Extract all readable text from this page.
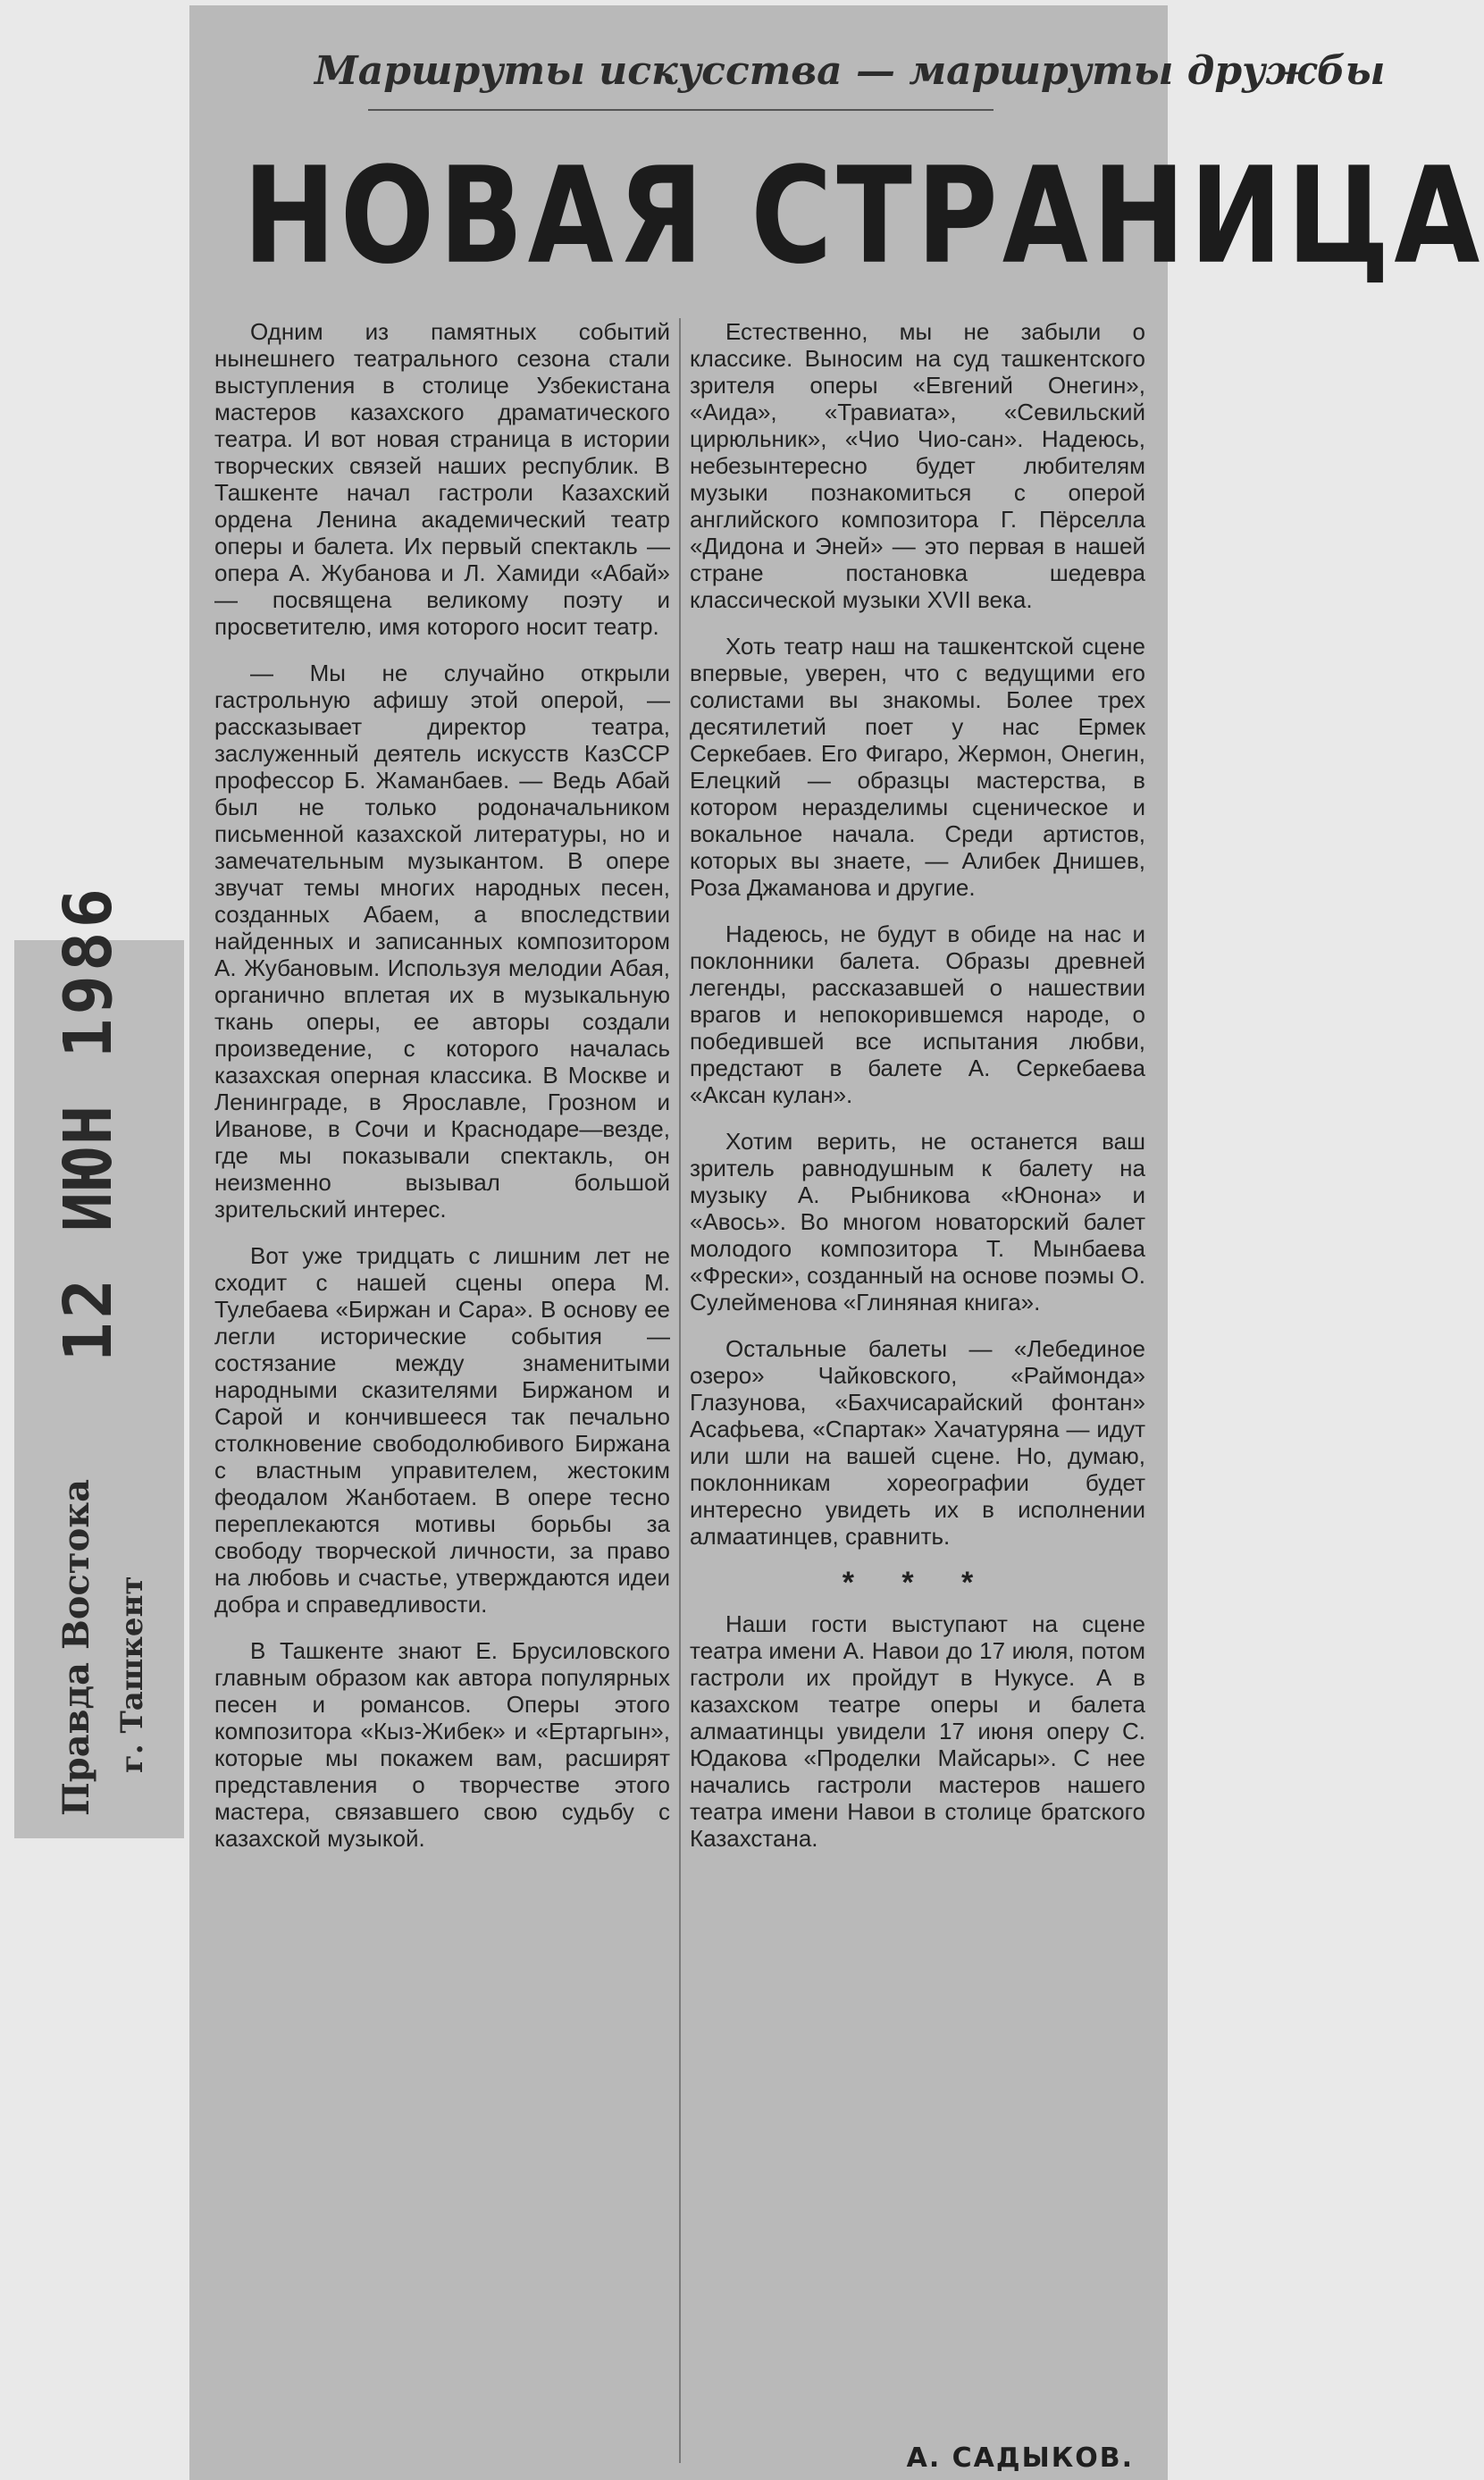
Правда Востока г. Ташкент
12 ИЮН 1986
Маршруты искусства — маршруты дружбы
НОВАЯ СТРАНИЦА

Одним из памятных событий нынешнего театрального сезона стали выступления в столице Узбекистана мастеров казахского драматического театра. И вот новая страница в истории творческих связей наших республик. В Ташкенте начал гастроли Казахский ордена Ленина академический театр оперы и балета. Их первый спектакль — опера А. Жубанова и Л. Хамиди «Абай» — посвящена великому поэту и просветителю, имя которого носит театр.

— Мы не случайно открыли гастрольную афишу этой оперой, — рассказывает директор театра, заслуженный деятель искусств КазССР профессор Б. Жаманбаев. — Ведь Абай был не только родоначальником письменной казахской литературы, но и замечательным музыкантом. В опере звучат темы многих народных песен, созданных Абаем, а впоследствии найденных и записанных композитором А. Жубановым. Используя мелодии Абая, органично вплетая их в музыкальную ткань оперы, ее авторы создали произведение, с которого началась казахская оперная классика. В Москве и Ленинграде, в Ярославле, Грозном и Иванове, в Сочи и Краснодаре—везде, где мы показывали спектакль, он неизменно вызывал большой зрительский интерес.

Вот уже тридцать с лишним лет не сходит с нашей сцены опера М. Тулебаева «Биржан и Сара». В основу ее легли исторические события — состязание между знаменитыми народными сказителями Биржаном и Сарой и кончившееся так печально столкновение свободолюбивого Биржана с властным управителем, жестоким феодалом Жанботаем. В опере тесно переплекаются мотивы борьбы за свободу творческой личности, за право на любовь и счастье, утверждаются идеи добра и справедливости.

В Ташкенте знают Е. Брусиловского главным образом как автора популярных песен и романсов. Оперы этого композитора «Кыз-Жибек» и «Ертаргын», которые мы покажем вам, расширят представления о творчестве этого мастера, связавшего свою судьбу с казахской музыкой.

Естественно, мы не забыли о классике. Выносим на суд ташкентского зрителя оперы «Евгений Онегин», «Аида», «Травиата», «Севильский цирюльник», «Чио Чио-сан». Надеюсь, небезынтересно будет любителям музыки познакомиться с оперой английского композитора Г. Пёрселла «Дидона и Эней» — это первая в нашей стране постановка шедевра классической музыки XVII века.

Хоть театр наш на ташкентской сцене впервые, уверен, что с ведущими его солистами вы знакомы. Более трех десятилетий поет у нас Ермек Серкебаев. Его Фигаро, Жермон, Онегин, Елецкий — образцы мастерства, в котором неразделимы сценическое и вокальное начала. Среди артистов, которых вы знаете, — Алибек Днишев, Роза Джаманова и другие.

Надеюсь, не будут в обиде на нас и поклонники балета. Образы древней легенды, рассказавшей о нашествии врагов и непокорившемся народе, о победившей все испытания любви, предстают в балете А. Серкебаева «Аксан кулан».

Хотим верить, не останется ваш зритель равнодушным к балету на музыку А. Рыбникова «Юнона» и «Авось». Во многом новаторский балет молодого композитора Т. Мынбаева «Фрески», созданный на основе поэмы О. Сулейменова «Глиняная книга».

Остальные балеты — «Лебединое озеро» Чайковского, «Раймонда» Глазунова, «Бахчисарайский фонтан» Асафьева, «Спартак» Хачатуряна — идут или шли на вашей сцене. Но, думаю, поклонникам хореографии будет интересно увидеть их в исполнении алмаатинцев, сравнить.

* * *

Наши гости выступают на сцене театра имени А. Навои до 17 июля, потом гастроли их пройдут в Нукусе. А в казахском театре оперы и балета алмаатинцы увидели 17 июня оперу С. Юдакова «Проделки Майсары». С нее начались гастроли мастеров нашего театра имени Навои в столице братского Казахстана.

А. САДЫКОВ.
